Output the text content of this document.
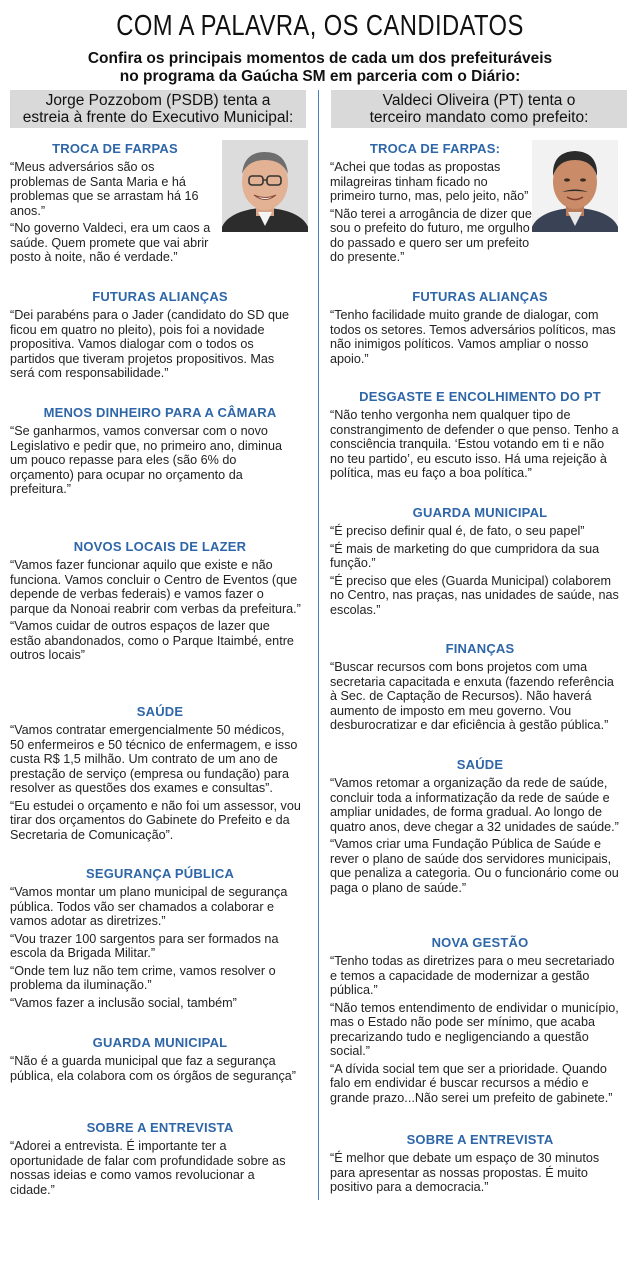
COM A PALAVRA, OS CANDIDATOS
Confira os principais momentos de cada um dos prefeituráveis
no programa da Gaúcha SM em parceria com o Diário:
Jorge Pozzobom (PSDB) tenta a
estreia à frente do Executivo Municipal:
Valdeci Oliveira (PT) tenta o
terceiro mandato como prefeito:
TROCA DE FARPAS
“Meus adversários são os problemas de Santa Maria e há problemas que se arrastam há 16 anos.”
“No governo Valdeci, era um caos a saúde. Quem promete que vai abrir posto à noite, não é verdade.”
FUTURAS ALIANÇAS
“Dei parabéns para o Jader (candidato do SD que ficou em quatro no pleito), pois foi a novidade propositiva. Vamos dialogar com o todos os partidos que tiveram projetos propositivos. Mas será com responsabilidade.”
MENOS DINHEIRO PARA A CÂMARA
“Se ganharmos, vamos conversar com o novo Legislativo e pedir que, no primeiro ano, diminua um pouco repasse para eles (são 6% do orçamento) para ocupar no orçamento da prefeitura.”
NOVOS LOCAIS DE LAZER
“Vamos fazer funcionar aquilo que existe e não funciona. Vamos concluir o Centro de Eventos (que depende de verbas federais) e vamos fazer o parque da Nonoai reabrir com verbas da prefeitura.”
“Vamos cuidar de outros espaços de lazer que estão abandonados, como o Parque Itaimbé, entre outros locais”
SAÚDE
“Vamos contratar emergencialmente 50 médicos, 50 enfermeiros e 50 técnico de enfermagem, e isso custa R$ 1,5 milhão. Um contrato de um ano de prestação de serviço (empresa ou fundação) para resolver as questões dos exames e consultas”.
“Eu estudei o orçamento e não foi um assessor, vou tirar dos orçamentos do Gabinete do Prefeito e da Secretaria de Comunicação”.
SEGURANÇA PÚBLICA
“Vamos montar um plano municipal de segurança pública. Todos vão ser chamados a colaborar e vamos adotar as diretrizes.”
“Vou trazer 100 sargentos para ser formados na escola da Brigada Militar.”
“Onde tem luz não tem crime, vamos resolver o problema da iluminação.”
“Vamos fazer a inclusão social, também”
GUARDA MUNICIPAL
“Não é a guarda municipal que faz a segurança pública, ela colabora com os órgãos de segurança”
SOBRE A ENTREVISTA
“Adorei a entrevista. É importante ter a oportunidade de falar com profundidade sobre as nossas ideias e como vamos revolucionar a cidade.”
TROCA DE FARPAS:
“Achei que todas as propostas milagreiras tinham ficado no primeiro turno, mas, pelo jeito, não”
“Não terei a arrogância de dizer que sou o prefeito do futuro, me orgulho do passado e quero ser um prefeito do presente.”
FUTURAS ALIANÇAS
“Tenho facilidade muito grande de dialogar, com todos os setores. Temos adversários políticos, mas não inimigos políticos. Vamos ampliar o nosso apoio.”
DESGASTE E ENCOLHIMENTO DO PT
“Não tenho vergonha nem qualquer tipo de constrangimento de defender o que penso. Tenho a consciência tranquila. ‘Estou votando em ti e não no teu partido’, eu escuto isso. Há uma rejeição à política, mas eu faço a boa política.”
GUARDA MUNICIPAL
“É preciso definir qual é, de fato, o seu papel”
“É mais de marketing do que cumpridora da sua função.”
“É preciso que eles (Guarda Municipal) colaborem no Centro, nas praças, nas unidades de saúde, nas escolas.”
FINANÇAS
“Buscar recursos com bons projetos com uma secretaria capacitada e enxuta (fazendo referência à Sec. de Captação de Recursos). Não haverá aumento de imposto em meu governo. Vou desburocratizar e dar eficiência à gestão pública.”
SAÚDE
“Vamos retomar a organização da rede de saúde, concluir toda a informatização da rede de saúde e ampliar unidades, de forma gradual. Ao longo de quatro anos, deve chegar a 32 unidades de saúde.”
“Vamos criar uma Fundação Pública de Saúde e rever o plano de saúde dos servidores municipais, que penaliza a categoria. Ou o funcionário come ou paga o plano de saúde.”
NOVA GESTÃO
“Tenho todas as diretrizes para o meu secretariado e temos a capacidade de modernizar a gestão pública.”
“Não temos entendimento de endividar o município, mas o Estado não pode ser mínimo, que acaba precarizando tudo e negligenciando a questão social.”
“A dívida social tem que ser a prioridade. Quando falo em endividar é buscar recursos a médio e grande prazo...Não serei um prefeito de gabinete.”
SOBRE A ENTREVISTA
“É melhor que debate um espaço de 30 minutos para apresentar as nossas propostas. É muito positivo para a democracia.”
